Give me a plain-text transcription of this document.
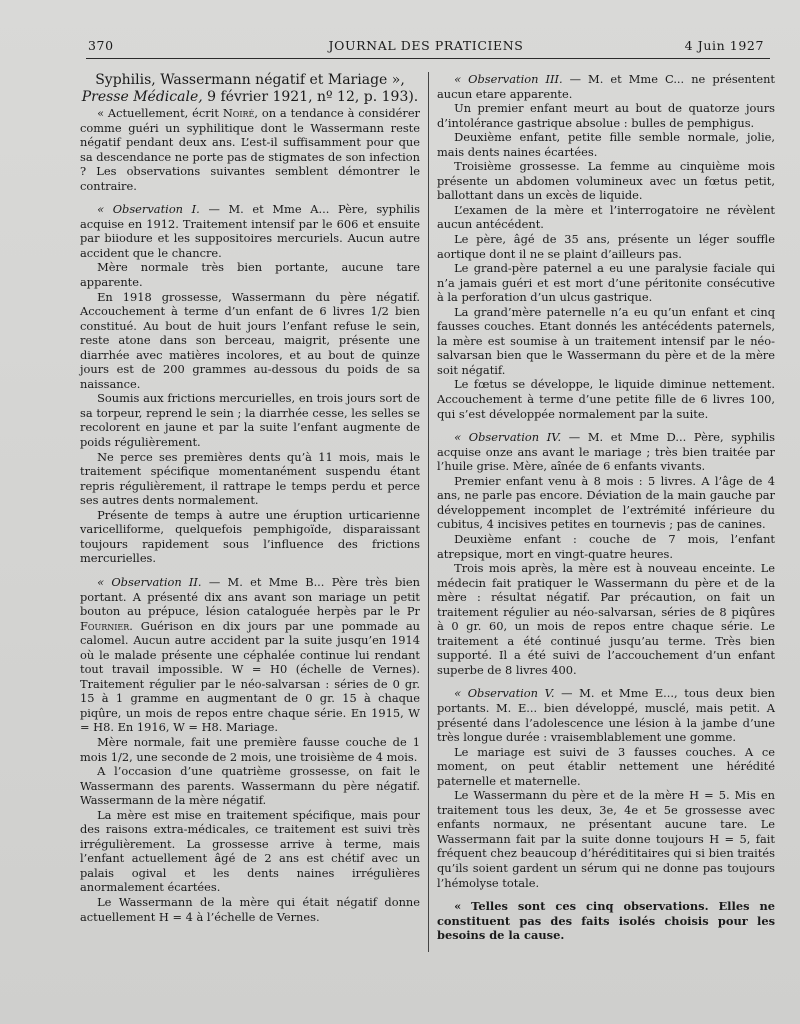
370	JOURNAL DES PRATICIENS	4 Juin 1927

Syphilis, Wassermann négatif et Mariage »,
Presse Médicale, 9 février 1921, nº 12, p. 193).

« Actuellement, écrit Noiré, on a tendance à considérer comme guéri un syphilitique dont le Wassermann reste négatif pendant deux ans. L’est-il suffisamment pour que sa descendance ne porte pas de stigmates de son infection ? Les observations suivantes semblent démontrer le contraire.

« Observation I. — M. et Mme A... Père, syphilis acquise en 1912. Traitement intensif par le 606 et ensuite par biiodure et les suppositoires mercuriels. Aucun autre accident que le chancre.

Mère normale très bien portante, aucune tare apparente.

En 1918 grossesse, Wassermann du père négatif. Accouchement à terme d’un enfant de 6 livres 1/2 bien constitué. Au bout de huit jours l’enfant refuse le sein, reste atone dans son berceau, maigrit, présente une diarrhée avec matières incolores, et au bout de quinze jours est de 200 grammes au-dessous du poids de sa naissance.

Soumis aux frictions mercurielles, en trois jours sort de sa torpeur, reprend le sein ; la diarrhée cesse, les selles se recolorent en jaune et par la suite l’enfant augmente de poids régulièrement.

Ne perce ses premières dents qu’à 11 mois, mais le traitement spécifique momentanément suspendu étant repris régulièrement, il rattrape le temps perdu et perce ses autres dents normalement.

Présente de temps à autre une éruption urticarienne varicelliforme, quelquefois pemphigoïde, disparaissant toujours rapidement sous l’influence des frictions mercurielles.

« Observation II. — M. et Mme B... Père très bien portant. A présenté dix ans avant son mariage un petit bouton au prépuce, lésion cataloguée herpès par le Pr Fournier. Guérison en dix jours par une pommade au calomel. Aucun autre accident par la suite jusqu’en 1914 où le malade présente une céphalée continue lui rendant tout travail impossible. W = H0 (échelle de Vernes). Traitement régulier par le néo-salvarsan : séries de 0 gr. 15 à 1 gramme en augmentant de 0 gr. 15 à chaque piqûre, un mois de repos entre chaque série. En 1915, W = H8. En 1916, W = H8. Mariage.

Mère normale, fait une première fausse couche de 1 mois 1/2, une seconde de 2 mois, une troisième de 4 mois.

A l’occasion d’une quatrième grossesse, on fait le Wassermann des parents. Wassermann du père négatif. Wassermann de la mère négatif.

La mère est mise en traitement spécifique, mais pour des raisons extra-médicales, ce traitement est suivi très irrégulièrement. La grossesse arrive à terme, mais l’enfant actuellement âgé de 2 ans est chétif avec un palais ogival et les dents naines irrégulières anormalement écartées.

Le Wassermann de la mère qui était négatif donne actuellement H = 4 à l’échelle de Vernes.

« Observation III. — M. et Mme C... ne présentent aucun etare apparente.

Un premier enfant meurt au bout de quatorze jours d’intolérance gastrique absolue : bulles de pemphigus.

Deuxième enfant, petite fille semble normale, jolie, mais dents naines écartées.

Troisième grossesse. La femme au cinquième mois présente un abdomen volumineux avec un fœtus petit, ballottant dans un excès de liquide.

L’examen de la mère et l’interrogatoire ne révèlent aucun antécédent.

Le père, âgé de 35 ans, présente un léger souffle aortique dont il ne se plaint d’ailleurs pas.

Le grand-père paternel a eu une paralysie faciale qui n’a jamais guéri et est mort d’une péritonite consécutive à la perforation d’un ulcus gastrique.

La grand’mère paternelle n’a eu qu’un enfant et cinq fausses couches. Etant donnés les antécédents paternels, la mère est soumise à un traitement intensif par le néo-salvarsan bien que le Wassermann du père et de la mère soit négatif.

Le fœtus se développe, le liquide diminue nettement. Accouchement à terme d’une petite fille de 6 livres 100, qui s’est développée normalement par la suite.

« Observation IV. — M. et Mme D... Père, syphilis acquise onze ans avant le mariage ; très bien traitée par l’huile grise. Mère, aînée de 6 enfants vivants.

Premier enfant venu à 8 mois : 5 livres. A l’âge de 4 ans, ne parle pas encore. Déviation de la main gauche par développement incomplet de l’extrémité inférieure du cubitus, 4 incisives petites en tournevis ; pas de canines.

Deuxième enfant : couche de 7 mois, l’enfant atrepsique, mort en vingt-quatre heures.

Trois mois après, la mère est à nouveau enceinte. Le médecin fait pratiquer le Wassermann du père et de la mère : résultat négatif. Par précaution, on fait un traitement régulier au néo-salvarsan, séries de 8 piqûres à 0 gr. 60, un mois de repos entre chaque série. Le traitement a été continué jusqu’au terme. Très bien supporté. Il a été suivi de l’accouchement d’un enfant superbe de 8 livres 400.

« Observation V. — M. et Mme E..., tous deux bien portants. M. E... bien développé, musclé, mais petit. A présenté dans l’adolescence une lésion à la jambe d’une très longue durée : vraisemblablement une gomme.

Le mariage est suivi de 3 fausses couches. A ce moment, on peut établir nettement une hérédité paternelle et maternelle.

Le Wassermann du père et de la mère H = 5. Mis en traitement tous les deux, 3e, 4e et 5e grossesse avec enfants normaux, ne présentant aucune tare. Le Wassermann fait par la suite donne toujours H = 5, fait fréquent chez beaucoup d’hérédititaires qui si bien traités qu’ils soient gardent un sérum qui ne donne pas toujours l’hémolyse totale.

« Telles sont ces cinq observations. Elles ne constituent pas des faits isolés choisis pour les besoins de la cause.
